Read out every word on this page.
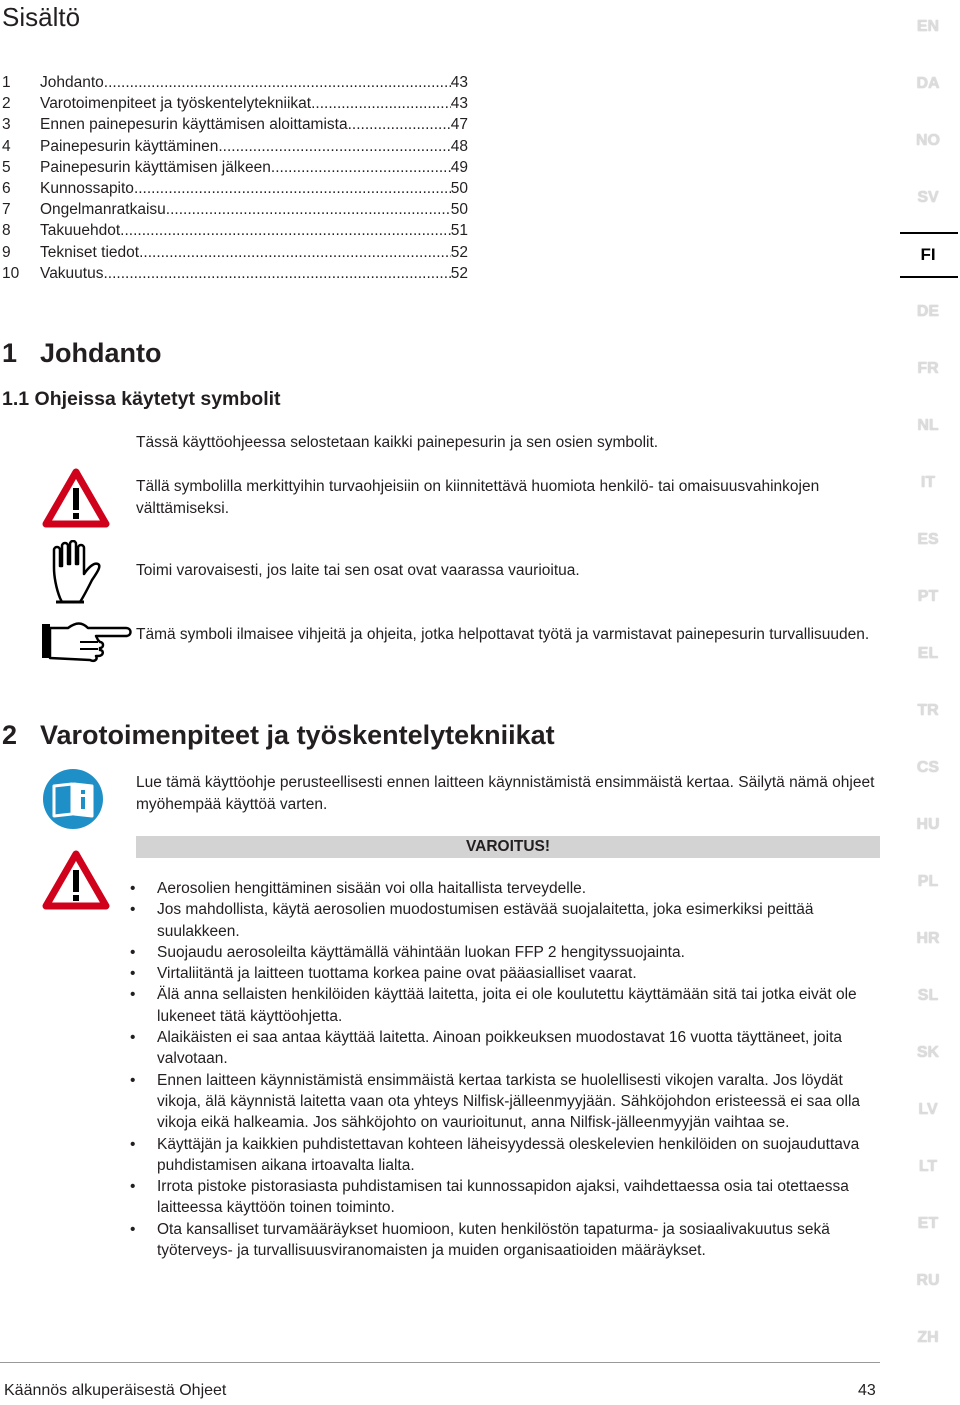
Sisältö
1	Johdanto .....	43
2	Varotoimenpiteet ja työskentelytekniikat .....	43
3	Ennen painepesurin käyttämisen aloittamista .....	47
4	Painepesurin käyttäminen .....	48
5	Painepesurin käyttämisen jälkeen .....	49
6	Kunnossapito .....	50
7	Ongelmanratkaisu .....	50
8	Takuuehdot .....	51
9	Tekniset tiedot .....	52
10	Vakuutus .....	52
1 Johdanto
1.1 Ohjeissa käytetyt symbolit

Tässä käyttöohjeessa selostetaan kaikki painepesurin ja sen osien symbolit.

Tällä symbolilla merkittyihin turvaohjeisiin on kiinnitettävä huomiota henkilö- tai omaisuusvahinkojen välttämiseksi.

Toimi varovaisesti, jos laite tai sen osat ovat vaarassa vaurioitua.

Tämä symboli ilmaisee vihjeitä ja ohjeita, jotka helpottavat työtä ja varmistavat painepesurin turvallisuuden.

2 Varotoimenpiteet ja työskentelytekniikat

Lue tämä käyttöohje perusteellisesti ennen laitteen käynnistämistä ensimmäistä kertaa. Säilytä nämä ohjeet myöhempää käyttöä varten.

VAROITUS!
• Aerosolien hengittäminen sisään voi olla haitallista terveydelle.
• Jos mahdollista, käytä aerosolien muodostumisen estävää suojalaitetta, joka esimerkiksi peittää suulakkeen.
• Suojaudu aerosoleilta käyttämällä vähintään luokan FFP 2 hengityssuojainta.
• Virtaliitäntä ja laitteen tuottama korkea paine ovat pääasialliset vaarat.
• Älä anna sellaisten henkilöiden käyttää laitetta, joita ei ole koulutettu käyttämään sitä tai jotka eivät ole lukeneet tätä käyttöohjetta.
• Alaikäisten ei saa antaa käyttää laitetta. Ainoan poikkeuksen muodostavat 16 vuotta täyttäneet, joita valvotaan.
• Ennen laitteen käynnistämistä ensimmäistä kertaa tarkista se huolellisesti vikojen varalta. Jos löydät vikoja, älä käynnistä laitetta vaan ota yhteys Nilfisk-jälleenmyyjään. Sähköjohdon eristeessä ei saa olla vikoja eikä halkeamia. Jos sähköjohto on vaurioitunut, anna Nilfisk-jälleenmyyjän vaihtaa se.
• Käyttäjän ja kaikkien puhdistettavan kohteen läheisyydessä oleskelevien henkilöiden on suojauduttava puhdistamisen aikana irtoavalta lialta.
• Irrota pistoke pistorasiasta puhdistamisen tai kunnossapidon ajaksi, vaihdettaessa osia tai otettaessa laitteessa käyttöön toinen toiminto.
• Ota kansalliset turvamääräykset huomioon, kuten henkilöstön tapaturma- ja sosiaalivakuutus sekä työterveys- ja turvallisuusviranomaisten ja muiden organisaatioiden määräykset.
EN
DA
NO
SV
FI
DE
FR
NL
IT
ES
PT
EL
TR
CS
HU
PL
HR
SL
SK
LV
LT
ET
RU
ZH
Käännös alkuperäisestä Ohjeet	43
